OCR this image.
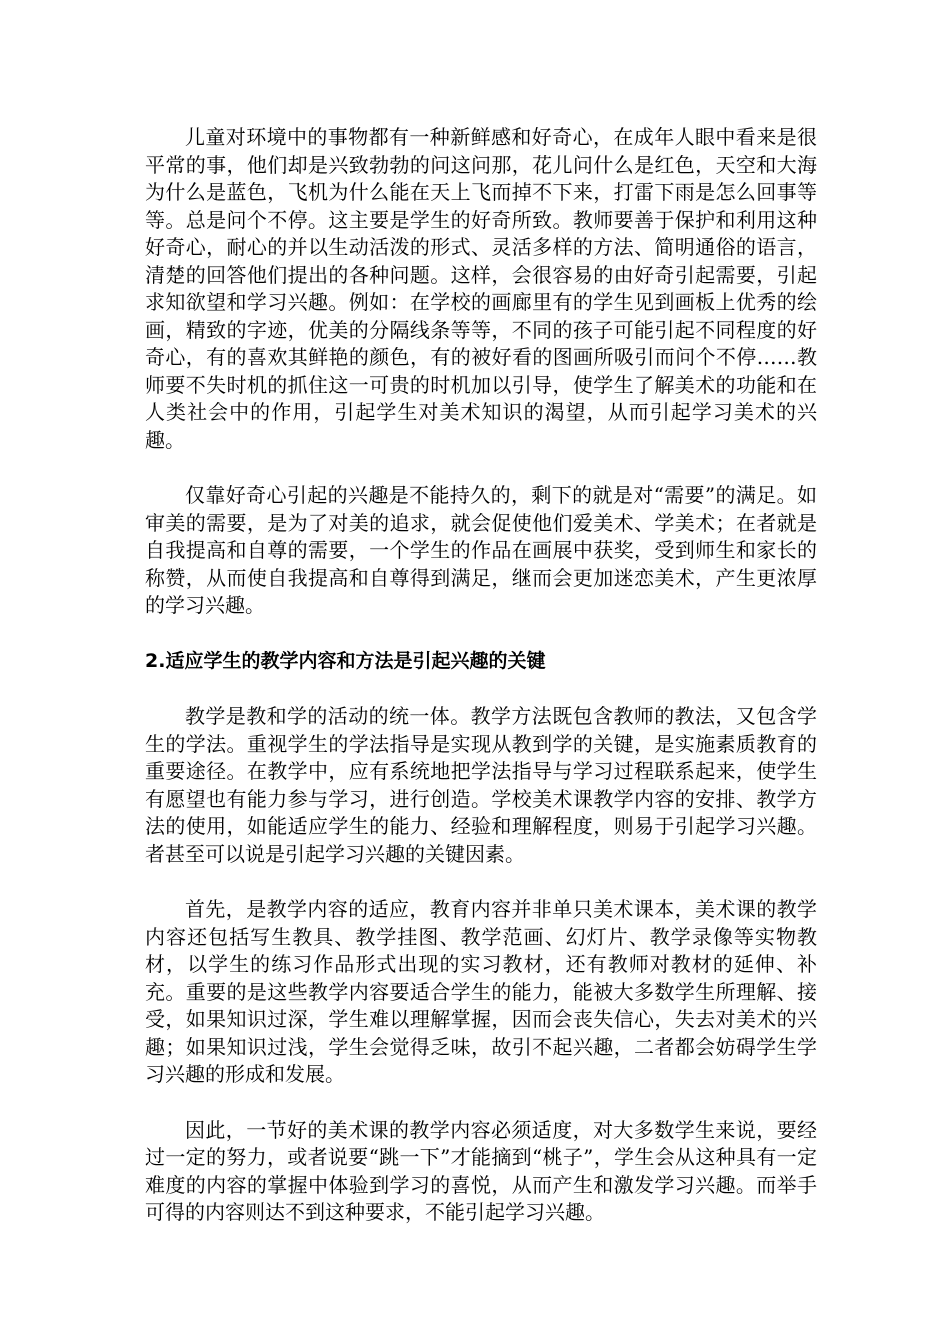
儿童对环境中的事物都有一种新鲜感和好奇心，在成年人眼中看来是很平常的事，他们却是兴致勃勃的问这问那，花儿问什么是红色，天空和大海为什么是蓝色，飞机为什么能在天上飞而掉不下来，打雷下雨是怎么回事等等。总是问个不停。这主要是学生的好奇所致。教师要善于保护和利用这种好奇心，耐心的并以生动活泼的形式、灵活多样的方法、简明通俗的语言，清楚的回答他们提出的各种问题。这样，会很容易的由好奇引起需要，引起求知欲望和学习兴趣。例如：在学校的画廊里有的学生见到画板上优秀的绘画，精致的字迹，优美的分隔线条等等，不同的孩子可能引起不同程度的好奇心，有的喜欢其鲜艳的颜色，有的被好看的图画所吸引而问个不停……教师要不失时机的抓住这一可贵的时机加以引导，使学生了解美术的功能和在人类社会中的作用，引起学生对美术知识的渴望，从而引起学习美术的兴趣。

仅靠好奇心引起的兴趣是不能持久的，剩下的就是对“需要”的满足。如审美的需要，是为了对美的追求，就会促使他们爱美术、学美术；在者就是自我提高和自尊的需要，一个学生的作品在画展中获奖，受到师生和家长的称赞，从而使自我提高和自尊得到满足，继而会更加迷恋美术，产生更浓厚的学习兴趣。

2.适应学生的教学内容和方法是引起兴趣的关键

教学是教和学的活动的统一体。教学方法既包含教师的教法，又包含学生的学法。重视学生的学法指导是实现从教到学的关键，是实施素质教育的重要途径。在教学中，应有系统地把学法指导与学习过程联系起来，使学生有愿望也有能力参与学习，进行创造。学校美术课教学内容的安排、教学方法的使用，如能适应学生的能力、经验和理解程度，则易于引起学习兴趣。者甚至可以说是引起学习兴趣的关键因素。

首先，是教学内容的适应，教育内容并非单只美术课本，美术课的教学内容还包括写生教具、教学挂图、教学范画、幻灯片、教学录像等实物教材，以学生的练习作品形式出现的实习教材，还有教师对教材的延伸、补充。重要的是这些教学内容要适合学生的能力，能被大多数学生所理解、接受，如果知识过深，学生难以理解掌握，因而会丧失信心，失去对美术的兴趣；如果知识过浅，学生会觉得乏味，故引不起兴趣，二者都会妨碍学生学习兴趣的形成和发展。

因此，一节好的美术课的教学内容必须适度，对大多数学生来说，要经过一定的努力，或者说要“跳一下”才能摘到“桃子”，学生会从这种具有一定难度的内容的掌握中体验到学习的喜悦，从而产生和激发学习兴趣。而举手可得的内容则达不到这种要求，不能引起学习兴趣。
